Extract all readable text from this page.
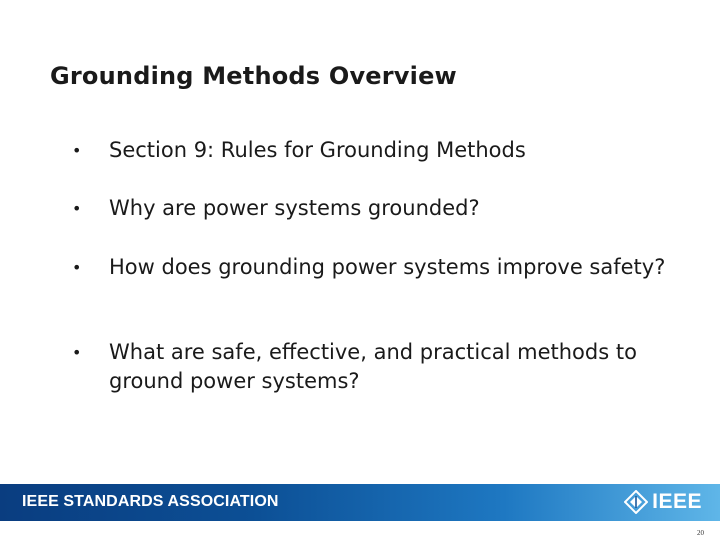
Grounding Methods Overview
•	Section 9: Rules for Grounding Methods
•	Why are power systems grounded?
•	How does grounding power systems improve safety?
•	What are safe, effective, and practical methods to ground power systems?
IEEE STANDARDS ASSOCIATION	IEEE
20
